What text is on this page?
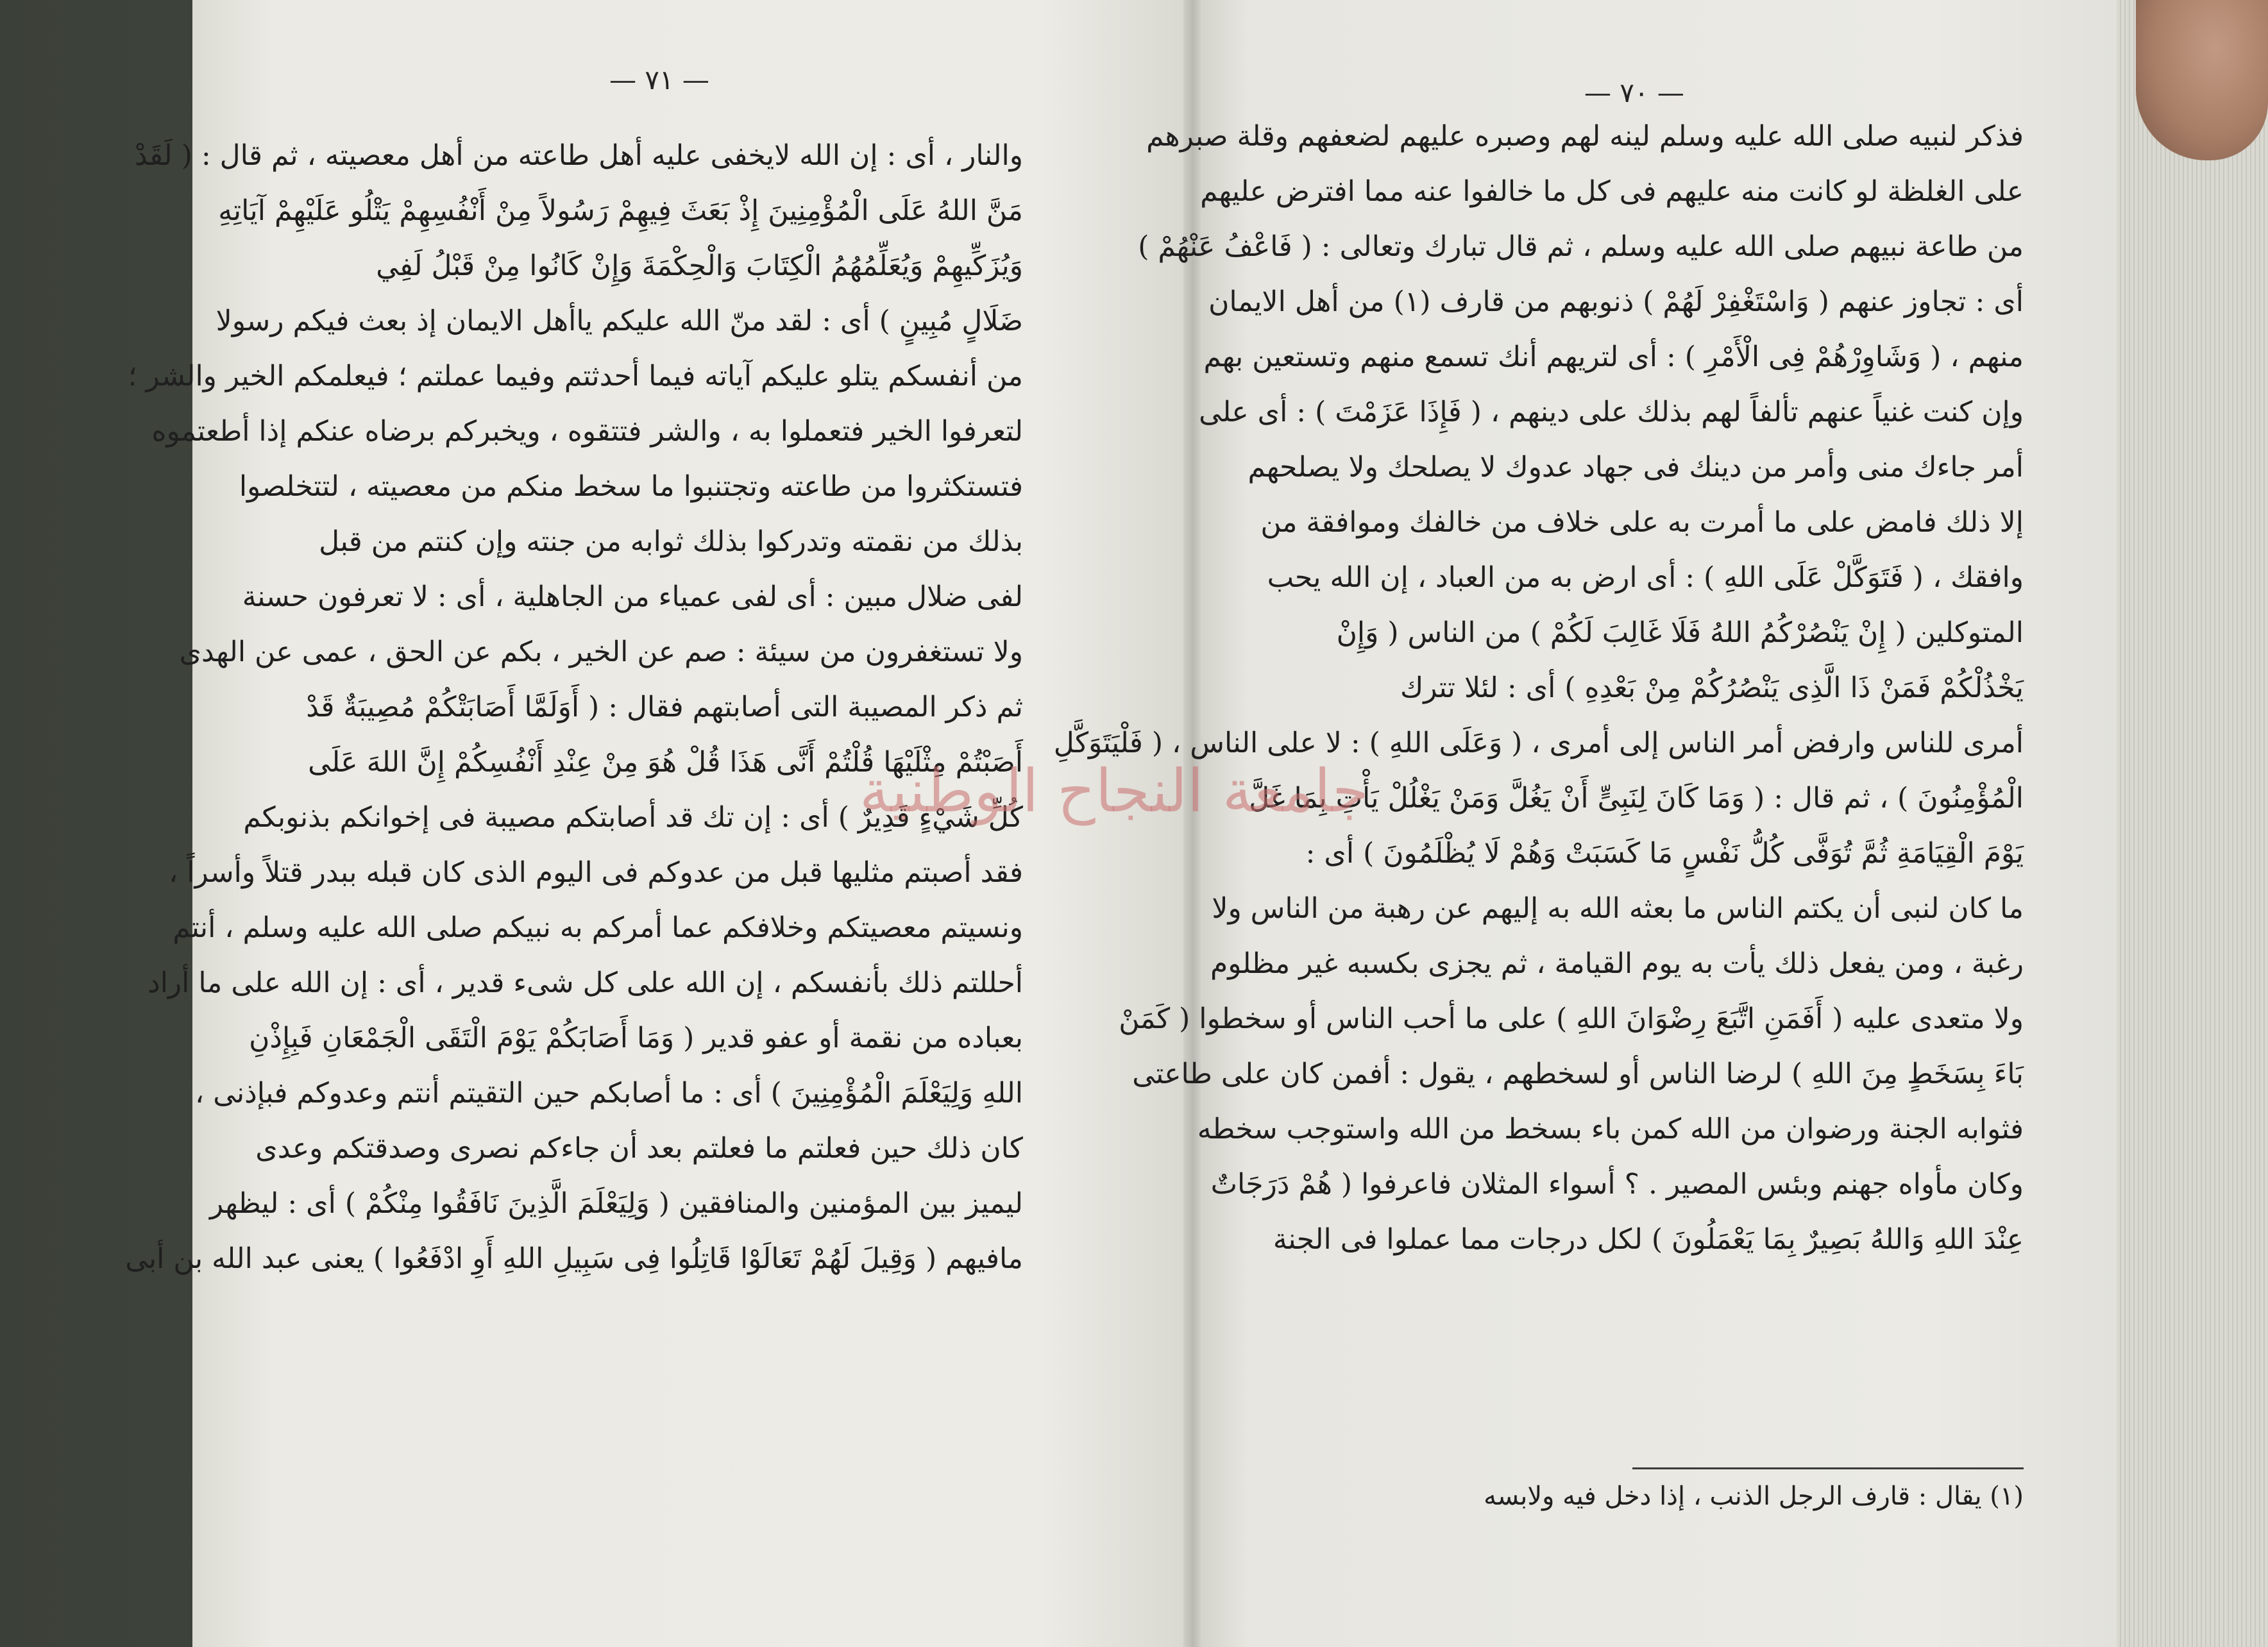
— ٧١ —	— ٧٠ —
والنار ، أى : إن الله لايخفى عليه أهل طاعته من أهل معصيته ، ثم قال : ( لَقَدْ
مَنَّ اللهُ عَلَى الْمُؤْمِنِينَ إِذْ بَعَثَ فِيهِمْ رَسُولاً مِنْ أَنْفُسِهِمْ يَتْلُو عَلَيْهِمْ آيَاتِهِ
وَيُزَكِّيهِمْ وَيُعَلِّمُهُمُ الْكِتَابَ وَالْحِكْمَةَ وَإِنْ كَانُوا مِنْ قَبْلُ لَفِي
ضَلَالٍ مُبِينٍ ) أى : لقد منّ الله عليكم ياأهل الايمان إذ بعث فيكم رسولا
من أنفسكم يتلو عليكم آياته فيما أحدثتم وفيما عملتم ؛ فيعلمكم الخير والشر ؛
لتعرفوا الخير فتعملوا به ، والشر فتتقوه ، ويخبركم برضاه عنكم إذا أطعتموه
فتستكثروا من طاعته وتجتنبوا ما سخط منكم من معصيته ، لتتخلصوا
بذلك من نقمته وتدركوا بذلك ثوابه من جنته وإن كنتم من قبل
لفى ضلال مبين : أى لفى عمياء من الجاهلية ، أى : لا تعرفون حسنة
ولا تستغفرون من سيئة : صم عن الخير ، بكم عن الحق ، عمى عن الهدى
ثم ذكر المصيبة التى أصابتهم فقال : ( أَوَلَمَّا أَصَابَتْكُمْ مُصِيبَةٌ قَدْ
أَصَبْتُمْ مِثْلَيْهَا قُلْتُمْ أَنَّى هَذَا قُلْ هُوَ مِنْ عِنْدِ أَنْفُسِكُمْ إِنَّ اللهَ عَلَى
كُلِّ شَيْءٍ قَدِيرٌ ) أى : إن تك قد أصابتكم مصيبة فى إخوانكم بذنوبكم
فقد أصبتم مثليها قبل من عدوكم فى اليوم الذى كان قبله ببدر قتلاً وأسراً ،
ونسيتم معصيتكم وخلافكم عما أمركم به نبيكم صلى الله عليه وسلم ، أنتم
أحللتم ذلك بأنفسكم ، إن الله على كل شىء قدير ، أى : إن الله على ما أراد
بعباده من نقمة أو عفو قدير ( وَمَا أَصَابَكُمْ يَوْمَ الْتَقَى الْجَمْعَانِ فَبِإِذْنِ
اللهِ وَلِيَعْلَمَ الْمُؤْمِنِينَ ) أى : ما أصابكم حين التقيتم أنتم وعدوكم فبإذنى ،
كان ذلك حين فعلتم ما فعلتم بعد أن جاءكم نصرى وصدقتكم وعدى
ليميز بين المؤمنين والمنافقين ( وَلِيَعْلَمَ الَّذِينَ نَافَقُوا مِنْكُمْ ) أى : ليظهر
مافيهم ( وَقِيلَ لَهُمْ تَعَالَوْا قَاتِلُوا فِى سَبِيلِ اللهِ أَوِ ادْفَعُوا ) يعنى عبد الله بن أبى
فذكر لنبيه صلى الله عليه وسلم لينه لهم وصبره عليهم لضعفهم وقلة صبرهم
على الغلظة لو كانت منه عليهم فى كل ما خالفوا عنه مما افترض عليهم
من طاعة نبيهم صلى الله عليه وسلم ، ثم قال تبارك وتعالى : ( فَاعْفُ عَنْهُمْ )
أى : تجاوز عنهم ( وَاسْتَغْفِرْ لَهُمْ ) ذنوبهم من قارف (١) من أهل الايمان
منهم ، ( وَشَاوِرْهُمْ فِى الْأَمْرِ ) : أى لتريهم أنك تسمع منهم وتستعين بهم
وإن كنت غنياً عنهم تألفاً لهم بذلك على دينهم ، ( فَإِذَا عَزَمْتَ ) : أى على
أمر جاءك منى وأمر من دينك فى جهاد عدوك لا يصلحك ولا يصلحهم
إلا ذلك فامض على ما أمرت به على خلاف من خالفك وموافقة من
وافقك ، ( فَتَوَكَّلْ عَلَى اللهِ ) : أى ارض به من العباد ، إن الله يحب
المتوكلين ( إِنْ يَنْصُرْكُمُ اللهُ فَلَا غَالِبَ لَكُمْ ) من الناس ( وَإِنْ
يَخْذُلْكُمْ فَمَنْ ذَا الَّذِى يَنْصُرُكُمْ مِنْ بَعْدِهِ ) أى : لئلا تترك
أمرى للناس وارفض أمر الناس إلى أمرى ، ( وَعَلَى اللهِ ) : لا على الناس ، ( فَلْيَتَوَكَّلِ
الْمُؤْمِنُونَ ) ، ثم قال : ( وَمَا كَانَ لِنَبِىٍّ أَنْ يَغُلَّ وَمَنْ يَغْلُلْ يَأْتِ بِمَا غَلَّ
يَوْمَ الْقِيَامَةِ ثُمَّ تُوَفَّى كُلُّ نَفْسٍ مَا كَسَبَتْ وَهُمْ لَا يُظْلَمُونَ ) أى :
ما كان لنبى أن يكتم الناس ما بعثه الله به إليهم عن رهبة من الناس ولا
رغبة ، ومن يفعل ذلك يأت به يوم القيامة ، ثم يجزى بكسبه غير مظلوم
ولا متعدى عليه ( أَفَمَنِ اتَّبَعَ رِضْوَانَ اللهِ ) على ما أحب الناس أو سخطوا ( كَمَنْ
بَاءَ بِسَخَطٍ مِنَ اللهِ ) لرضا الناس أو لسخطهم ، يقول : أفمن كان على طاعتى
فثوابه الجنة ورضوان من الله كمن باء بسخط من الله واستوجب سخطه
وكان مأواه جهنم وبئس المصير . ؟ أسواء المثلان فاعرفوا ( هُمْ دَرَجَاتٌ
عِنْدَ اللهِ وَاللهُ بَصِيرٌ بِمَا يَعْمَلُونَ ) لكل درجات مما عملوا فى الجنة
(١) يقال : قارف الرجل الذنب ، إذا دخل فيه ولابسه
جامعة النجاح الوطنية
